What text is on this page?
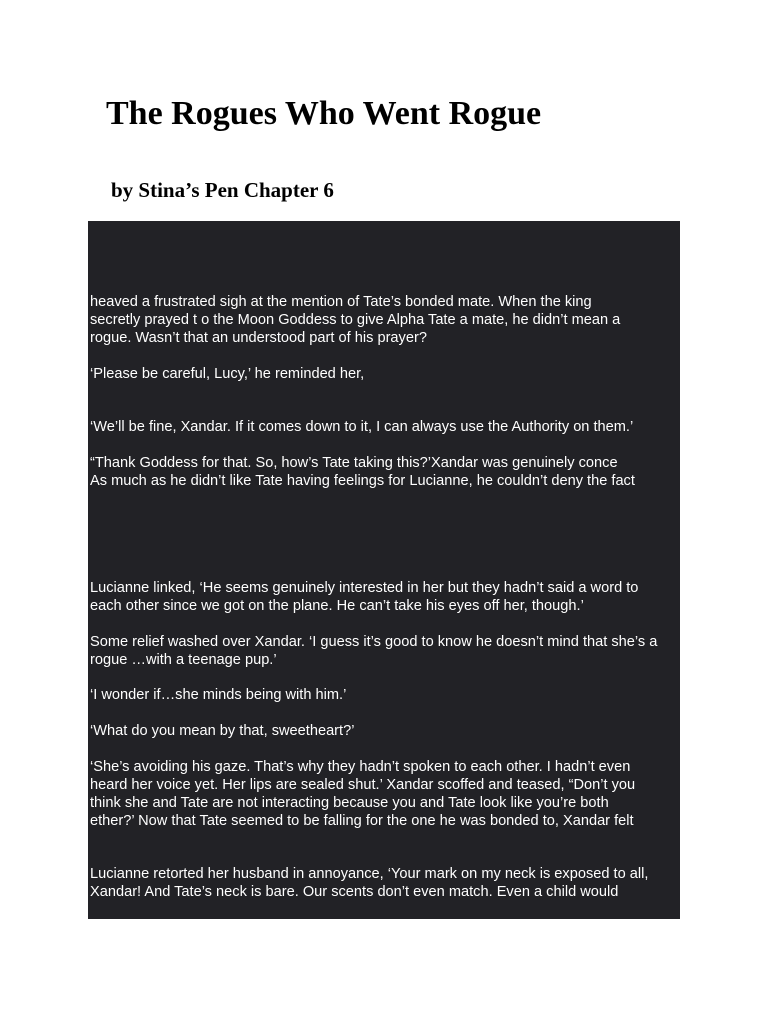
The Rogues Who Went Rogue
by Stina’s Pen Chapter 6

heaved a frustrated sigh at the mention of Tate’s bonded mate. When the king

secretly prayed t o the Moon Goddess to give Alpha Tate a mate, he didn’t mean a

rogue. Wasn’t that an understood part of his prayer?

‘Please be careful, Lucy,’ he reminded her,

‘We’ll be fine, Xandar. If it comes down to it, I can always use the Authority on them.’

“Thank Goddess for that. So, how’s Tate taking this?’Xandar was genuinely conce

As much as he didn’t like Tate having feelings for Lucianne, he couldn’t deny the fact

Lucianne linked, ‘He seems genuinely interested in her but they hadn’t said a word to

each other since we got on the plane. He can’t take his eyes off her, though.’

Some relief washed over Xandar. ‘I guess it’s good to know he doesn’t mind that she’s a

rogue …with a teenage pup.’

‘I wonder if…she minds being with him.’

‘What do you mean by that, sweetheart?’

‘She’s avoiding his gaze. That’s why they hadn’t spoken to each other. I hadn’t even

heard her voice yet. Her lips are sealed shut.’ Xandar scoffed and teased, “Don’t you

think she and Tate are not interacting because you and Tate look like you’re both

ether?’ Now that Tate seemed to be falling for the one he was bonded to, Xandar felt

Lucianne retorted her husband in annoyance, ‘Your mark on my neck is exposed to all,

Xandar! And Tate’s neck is bare. Our scents don’t even match. Even a child would
